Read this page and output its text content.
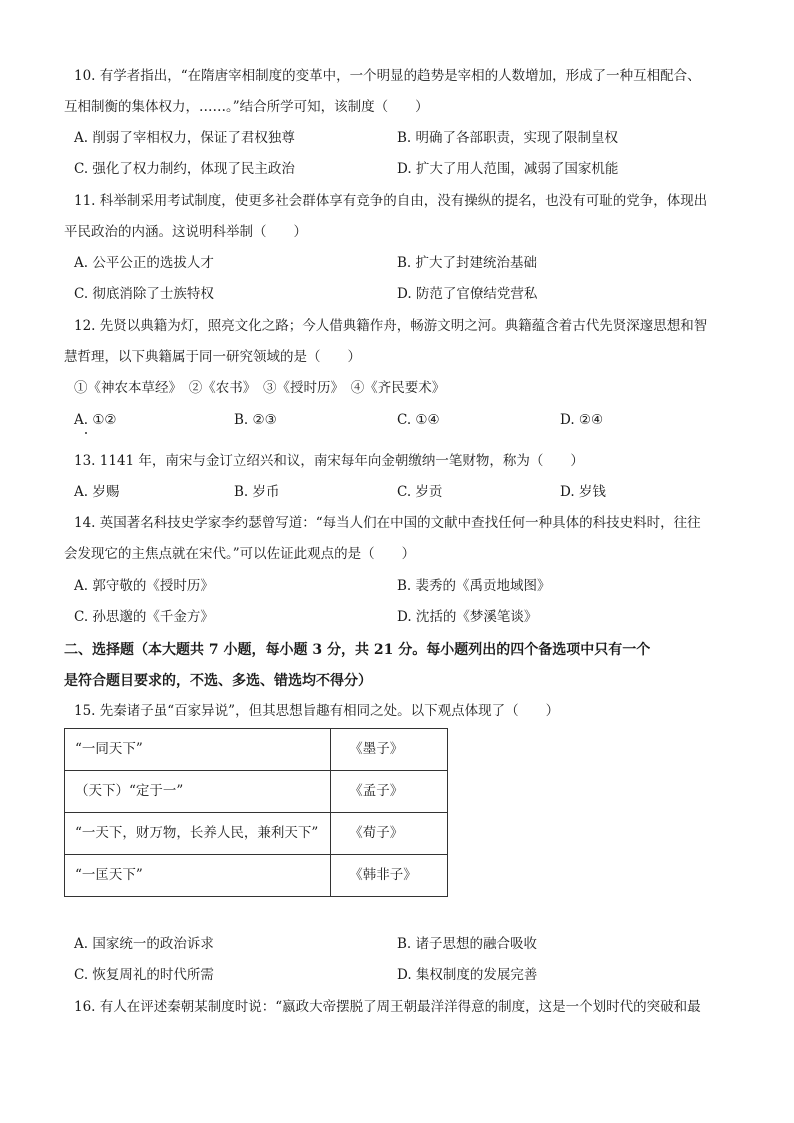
10. 有学者指出，“在隋唐宰相制度的变革中，一个明显的趋势是宰相的人数增加，形成了一种互相配合、
互相制衡的集体权力，……。”结合所学可知，该制度（　　）
A. 削弱了宰相权力，保证了君权独尊	B. 明确了各部职责，实现了限制皇权
C. 强化了权力制约，体现了民主政治	D. 扩大了用人范围，减弱了国家机能
11. 科举制采用考试制度，使更多社会群体享有竞争的自由，没有操纵的提名，也没有可耻的党争，体现出
平民政治的内涵。这说明科举制（　　）
A. 公平公正的选拔人才	B. 扩大了封建统治基础
C. 彻底消除了士族特权	D. 防范了官僚结党营私
12. 先贤以典籍为灯，照亮文化之路；今人借典籍作舟，畅游文明之河。典籍蕴含着古代先贤深邃思想和智
慧哲理，以下典籍属于同一研究领域的是（　　）
①《神农本草经》　②《农书》　③《授时历》　④《齐民要术》
A. ①②	B. ②③	C. ①④	D. ②④
13. 1141 年，南宋与金订立绍兴和议，南宋每年向金朝缴纳一笔财物，称为（　　）
A. 岁赐	B. 岁币	C. 岁贡	D. 岁钱
14. 英国著名科技史学家李约瑟曾写道：“每当人们在中国的文献中查找任何一种具体的科技史料时，往往
会发现它的主焦点就在宋代。”可以佐证此观点的是（　　）
A. 郭守敬的《授时历》	B. 裴秀的《禹贡地域图》
C. 孙思邈的《千金方》	D. 沈括的《梦溪笔谈》
二、选择题（本大题共 7 小题，每小题 3 分，共 21 分。每小题列出的四个备选项中只有一个
是符合题目要求的，不选、多选、错选均不得分）
15. 先秦诸子虽“百家异说”，但其思想旨趣有相同之处。以下观点体现了（　　）
“一同天下”	《墨子》
（天下）“定于一”	《孟子》
“一天下，财万物，长养人民，兼利天下”	《荀子》
“一匡天下”	《韩非子》
A. 国家统一的政治诉求	B. 诸子思想的融合吸收
C. 恢复周礼的时代所需	D. 集权制度的发展完善
16. 有人在评述秦朝某制度时说：“嬴政大帝摆脱了周王朝最洋洋得意的制度，这是一个划时代的突破和最
